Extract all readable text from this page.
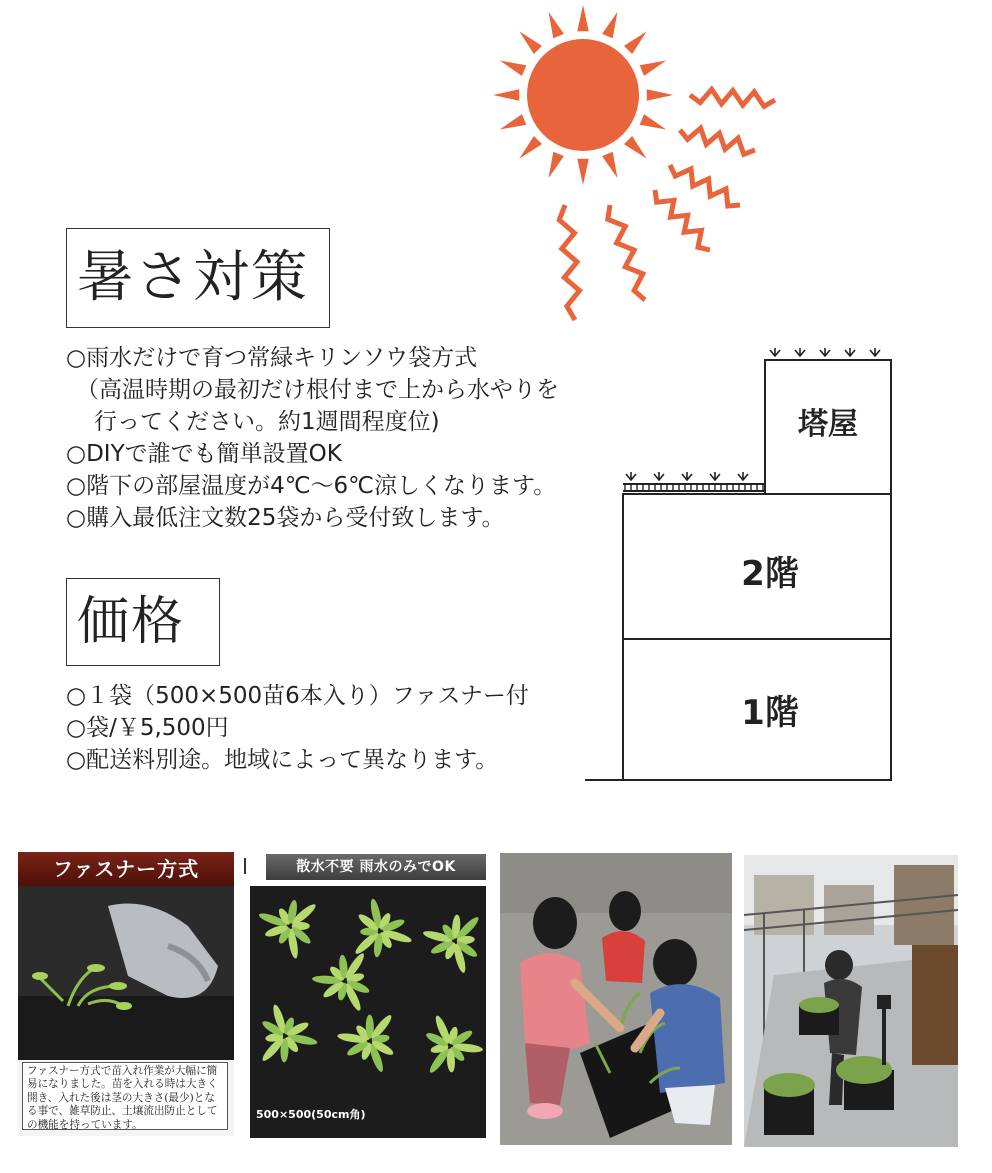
暑さ対策
○雨水だけで育つ常緑キリンソウ袋方式
（高温時期の最初だけ根付まで上から水やりを
行ってください。約1週間程度位)
○DIYで誰でも簡単設置OK
○階下の部屋温度が4℃〜6℃涼しくなります。
○購入最低注文数25袋から受付致します。
価格
○１袋（500×500苗6本入り）ファスナー付
○袋/￥5,500円
○配送料別途。地域によって異なります。
塔屋
2階
1階
ファスナー方式
ファスナー方式で苗入れ作業が大幅に簡易になりました。苗を入れる時は大きく開き、入れた後は茎の大きさ(最少)となる事で、雑草防止、土壌流出防止としての機能を持っています。
散水不要 雨水のみでOK
500×500(50cm角)
